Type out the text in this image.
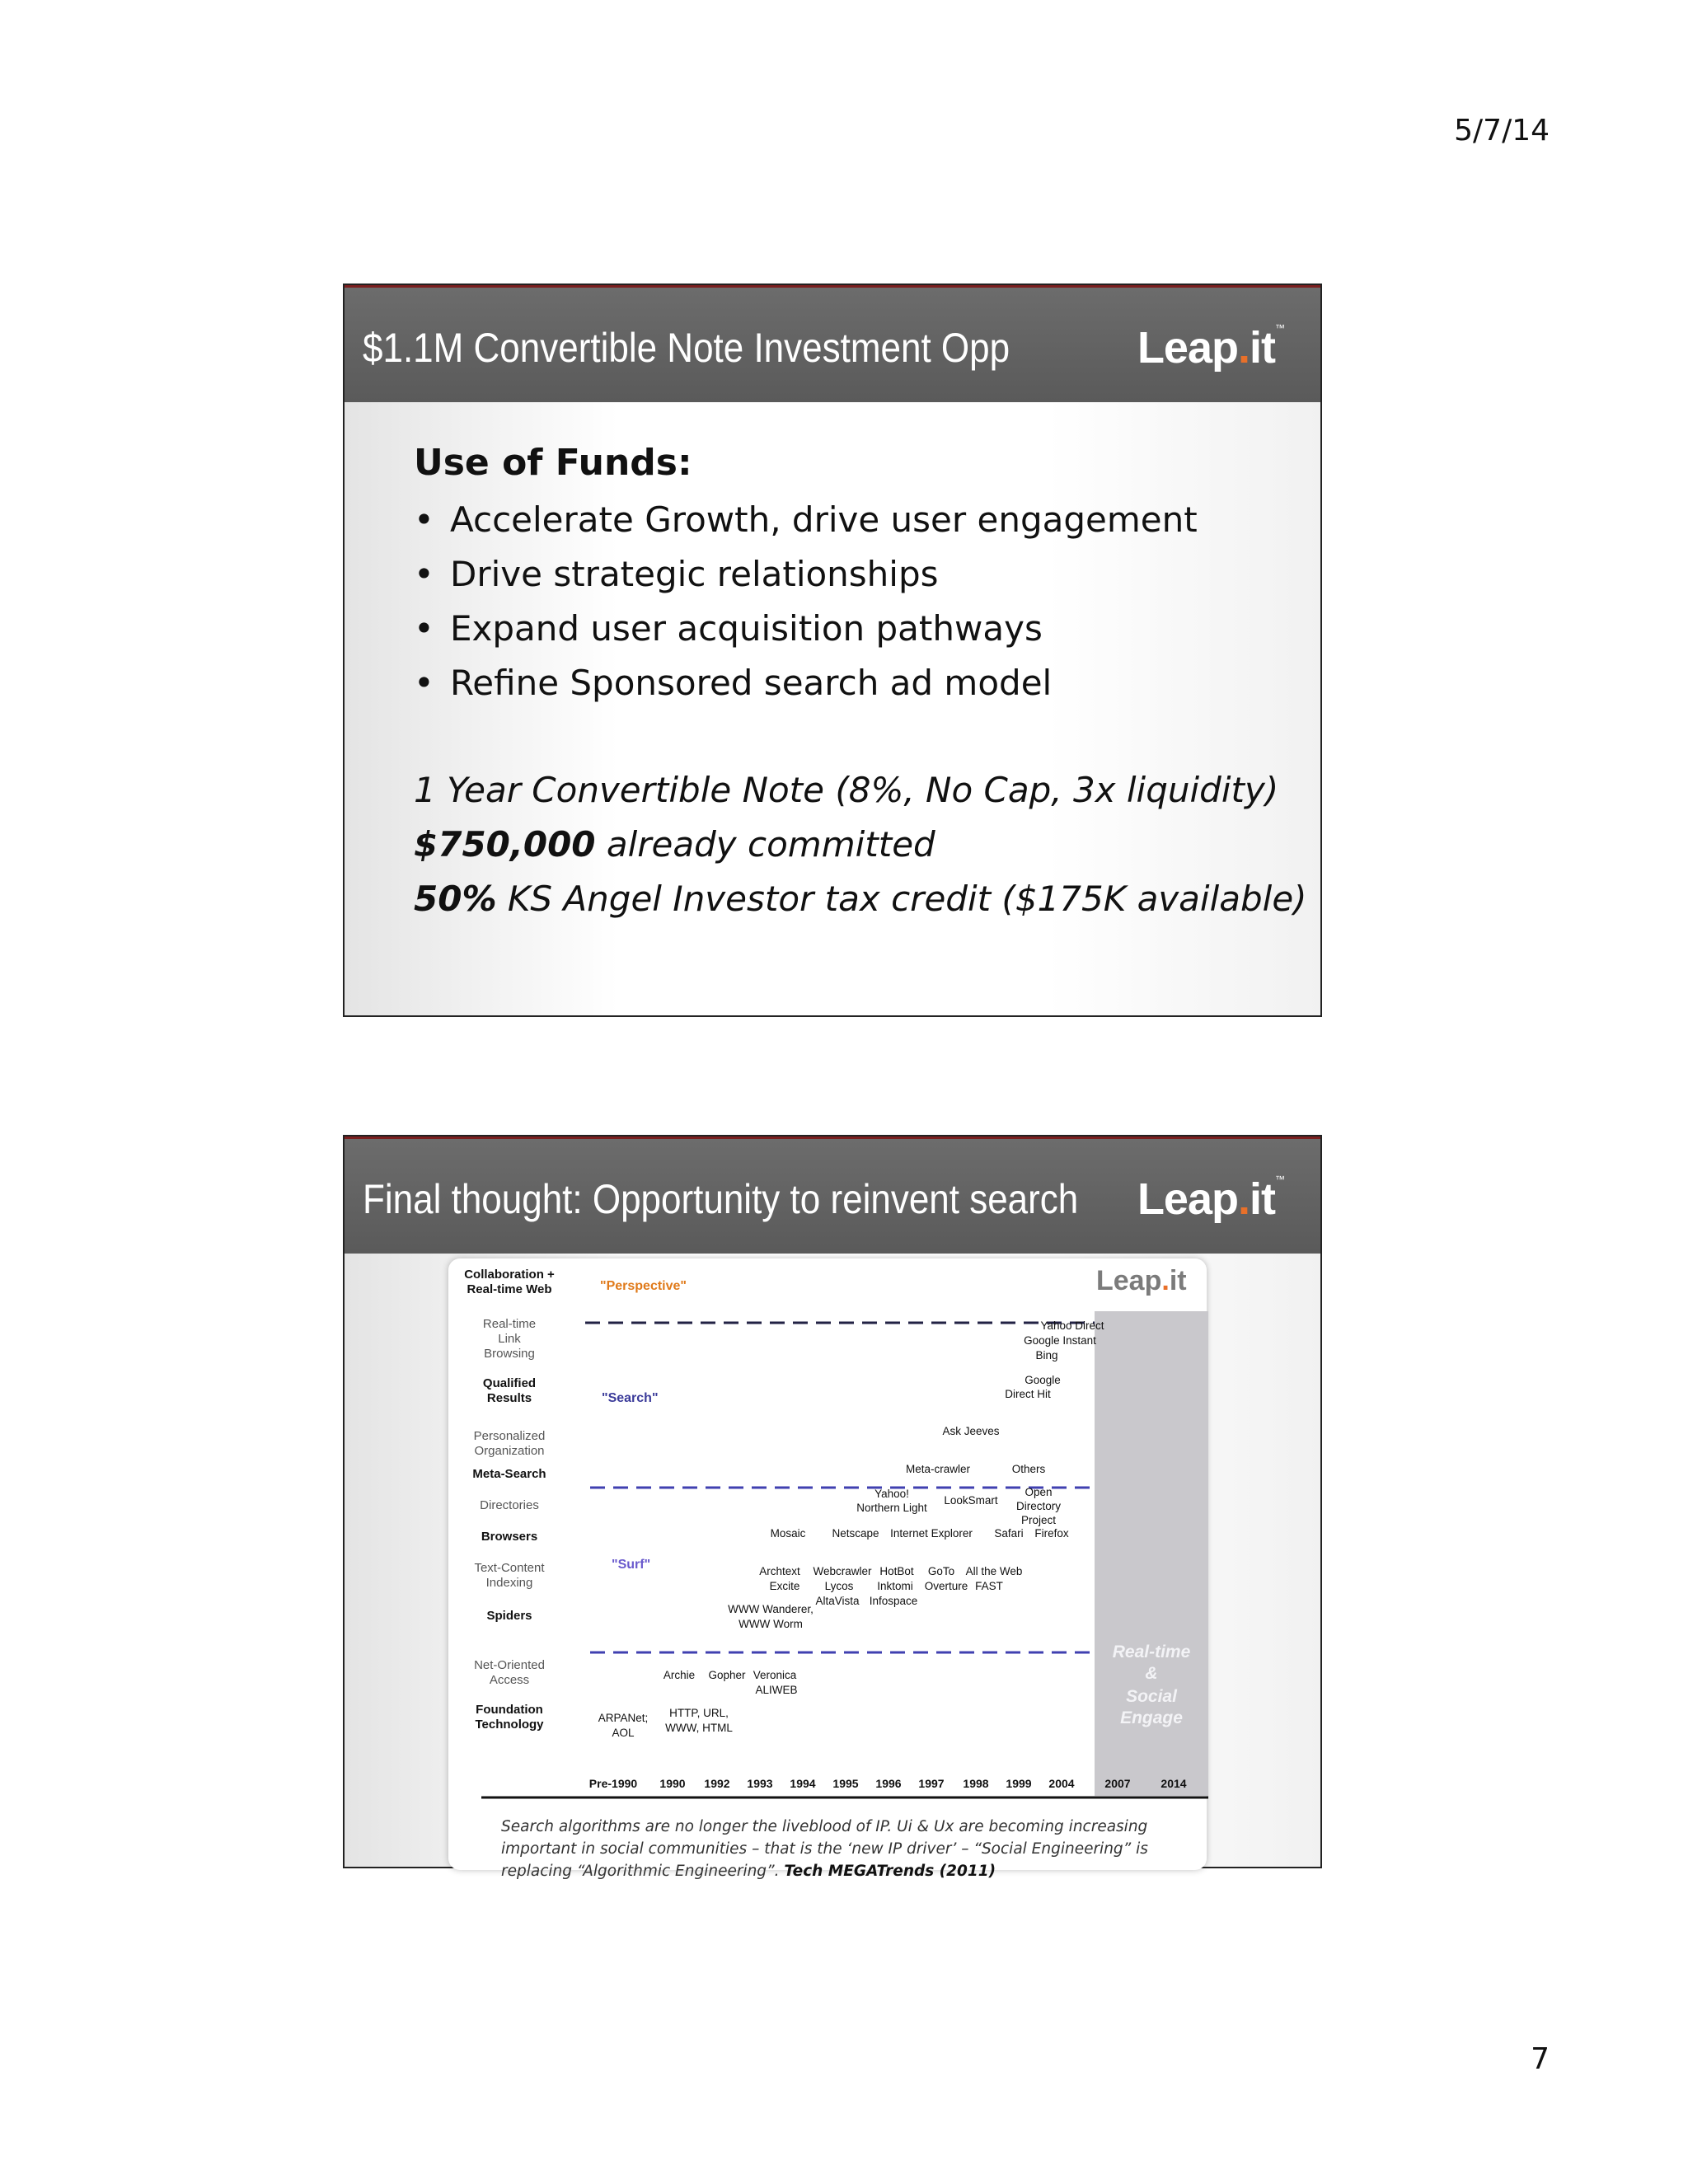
5/7/14
$1.1M Convertible Note Investment Opp	Leap.it™
Use of Funds:
• Accelerate Growth, drive user engagement
• Drive strategic relationships
• Expand user acquisition pathways
• Refine Sponsored search ad model
1 Year Convertible Note (8%, No Cap, 3x liquidity)
$750,000 already committed
50% KS Angel Investor tax credit ($175K available)
Final thought: Opportunity to reinvent search Leap.it™
Leap.it
Collaboration + Real-time Web
Real-time Link Browsing
Qualified Results
Personalized Organization
Meta-Search
Directories
Browsers
Text-Content Indexing
Spiders
Net-Oriented Access
Foundation Technology
"Perspective"
"Search"
"Surf"
Yahoo Direct
Google Instant
Bing
Google
Direct Hit
Ask Jeeves
Meta-crawler	Others
Yahoo!
Northern Light
LookSmart
Open Directory Project
Mosaic Netscape Internet Explorer Safari Firefox
Archtext Webcrawler HotBot GoTo All the Web
Excite Lycos Inktomi Overture FAST
AltaVista Infospace
WWW Wanderer,
WWW Worm
Archie Gopher Veronica
ALIWEB
ARPANet;
AOL
HTTP, URL,
WWW, HTML
Real-time
&
Social
Engage
Pre-1990 1990 1992 1993 1994 1995 1996 1997 1998 1999 2004	2007	2014
Search algorithms are no longer the liveblood of IP. Ui & Ux are becoming increasing important in social communities – that is the ‘new IP driver’ – “Social Engineering” is replacing “Algorithmic Engineering”. Tech MEGATrends (2011)
7
